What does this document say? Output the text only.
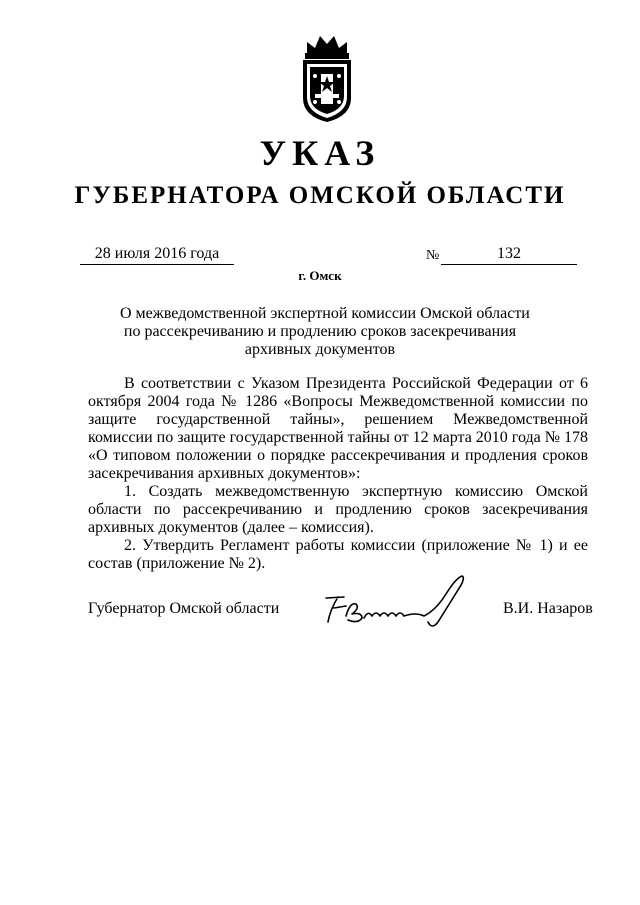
УКАЗ
ГУБЕРНАТОРА ОМСКОЙ ОБЛАСТИ
28 июля 2016 года	№	132
г. Омск
О межведомственной экспертной комиссии Омской области
по рассекречиванию и продлению сроков засекречивания
архивных документов

В соответствии с Указом Президента Российской Федерации от 6 октября 2004 года № 1286 «Вопросы Межведомственной комиссии по защите государственной тайны», решением Межведомственной комиссии по защите государственной тайны от 12 марта 2010 года № 178 «О типовом положении о порядке рассекречивания и продления сроков засекречивания архивных документов»:

1. Создать межведомственную экспертную комиссию Омской области по рассекречиванию и продлению сроков засекречивания архивных документов (далее – комиссия).

2. Утвердить Регламент работы комиссии (приложение № 1) и ее состав (приложение № 2).

Губернатор Омской области	В.И. Назаров
